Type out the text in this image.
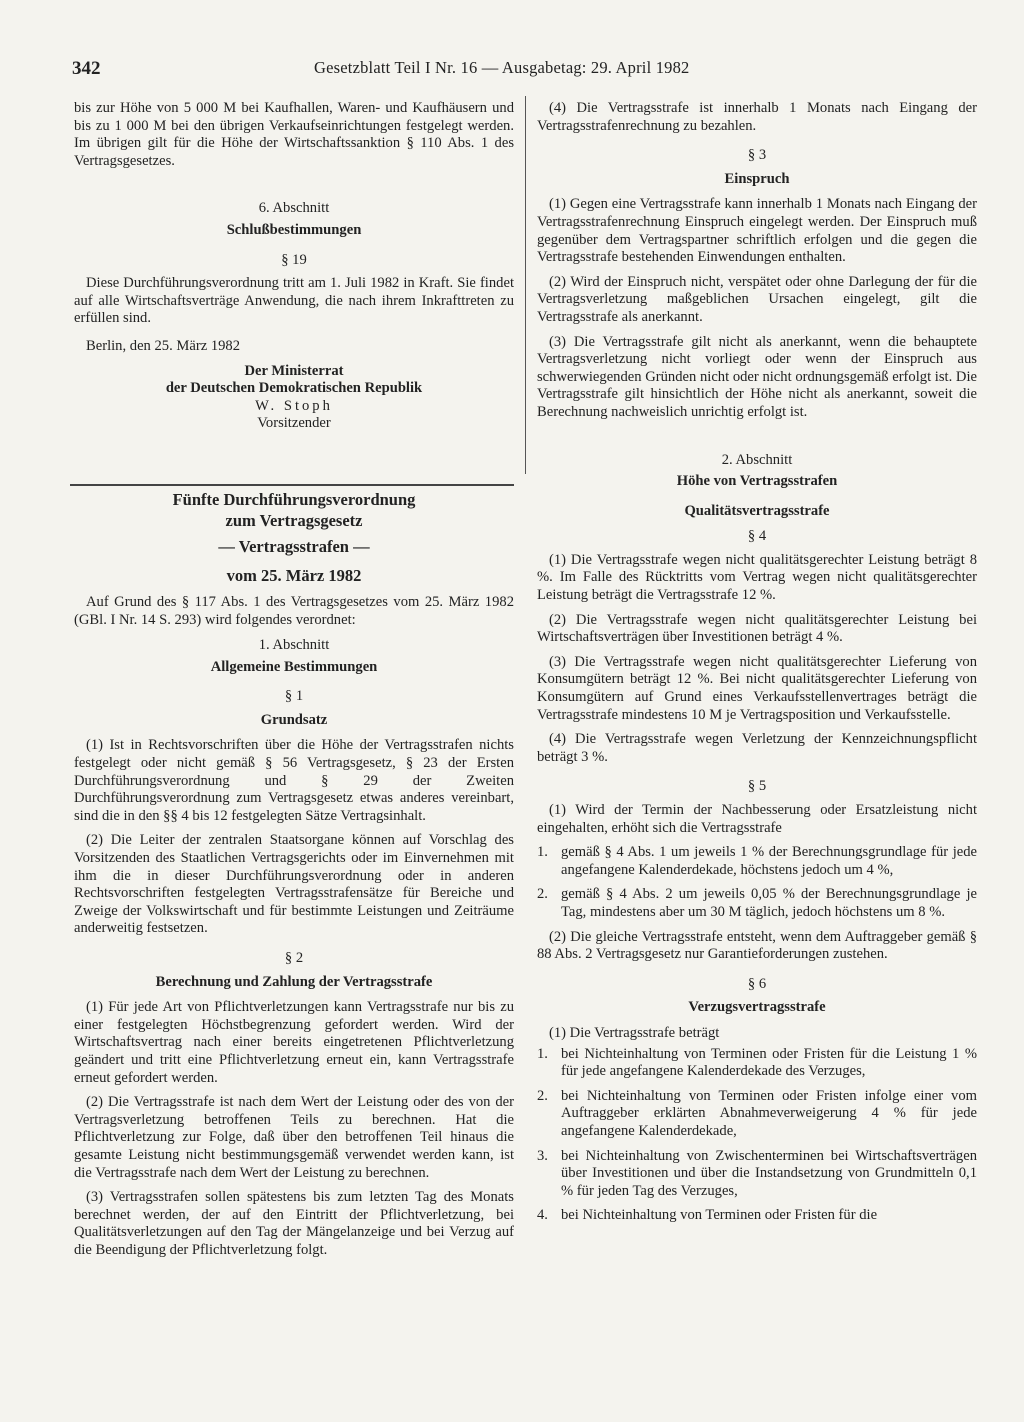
342	Gesetzblatt Teil I Nr. 16 — Ausgabetag: 29. April 1982

bis zur Höhe von 5 000 M bei Kaufhallen, Waren- und Kaufhäusern und bis zu 1 000 M bei den übrigen Verkaufseinrichtungen festgelegt werden. Im übrigen gilt für die Höhe der Wirtschaftssanktion § 110 Abs. 1 des Vertragsgesetzes.

6. Abschnitt

Schlußbestimmungen

§ 19

Diese Durchführungsverordnung tritt am 1. Juli 1982 in Kraft. Sie findet auf alle Wirtschaftsverträge Anwendung, die nach ihrem Inkrafttreten zu erfüllen sind.

Berlin, den 25. März 1982

Der Ministerrat

der Deutschen Demokratischen Republik

W. Stoph

Vorsitzender

Fünfte Durchführungsverordnung

zum Vertragsgesetz

— Vertragsstrafen —

vom 25. März 1982

Auf Grund des § 117 Abs. 1 des Vertragsgesetzes vom 25. März 1982 (GBl. I Nr. 14 S. 293) wird folgendes verordnet:

1. Abschnitt

Allgemeine Bestimmungen

§ 1

Grundsatz

(1) Ist in Rechtsvorschriften über die Höhe der Vertragsstrafen nichts festgelegt oder nicht gemäß § 56 Vertragsgesetz, § 23 der Ersten Durchführungsverordnung und § 29 der Zweiten Durchführungsverordnung zum Vertragsgesetz etwas anderes vereinbart, sind die in den §§ 4 bis 12 festgelegten Sätze Vertragsinhalt.

(2) Die Leiter der zentralen Staatsorgane können auf Vorschlag des Vorsitzenden des Staatlichen Vertragsgerichts oder im Einvernehmen mit ihm die in dieser Durchführungsverordnung oder in anderen Rechtsvorschriften festgelegten Vertragsstrafensätze für Bereiche und Zweige der Volkswirtschaft und für bestimmte Leistungen und Zeiträume anderweitig festsetzen.

§ 2

Berechnung und Zahlung der Vertragsstrafe

(1) Für jede Art von Pflichtverletzungen kann Vertragsstrafe nur bis zu einer festgelegten Höchstbegrenzung gefordert werden. Wird der Wirtschaftsvertrag nach einer bereits eingetretenen Pflichtverletzung geändert und tritt eine Pflichtverletzung erneut ein, kann Vertragsstrafe erneut gefordert werden.

(2) Die Vertragsstrafe ist nach dem Wert der Leistung oder des von der Vertragsverletzung betroffenen Teils zu berechnen. Hat die Pflichtverletzung zur Folge, daß über den betroffenen Teil hinaus die gesamte Leistung nicht bestimmungsgemäß verwendet werden kann, ist die Vertragsstrafe nach dem Wert der Leistung zu berechnen.

(3) Vertragsstrafen sollen spätestens bis zum letzten Tag des Monats berechnet werden, der auf den Eintritt der Pflichtverletzung, bei Qualitätsverletzungen auf den Tag der Mängelanzeige und bei Verzug auf die Beendigung der Pflichtverletzung folgt.

(4) Die Vertragsstrafe ist innerhalb 1 Monats nach Eingang der Vertragsstrafenrechnung zu bezahlen.

§ 3

Einspruch

(1) Gegen eine Vertragsstrafe kann innerhalb 1 Monats nach Eingang der Vertragsstrafenrechnung Einspruch eingelegt werden. Der Einspruch muß gegenüber dem Vertragspartner schriftlich erfolgen und die gegen die Vertragsstrafe bestehenden Einwendungen enthalten.

(2) Wird der Einspruch nicht, verspätet oder ohne Darlegung der für die Vertragsverletzung maßgeblichen Ursachen eingelegt, gilt die Vertragsstrafe als anerkannt.

(3) Die Vertragsstrafe gilt nicht als anerkannt, wenn die behauptete Vertragsverletzung nicht vorliegt oder wenn der Einspruch aus schwerwiegenden Gründen nicht oder nicht ordnungsgemäß erfolgt ist. Die Vertragsstrafe gilt hinsichtlich der Höhe nicht als anerkannt, soweit die Berechnung nachweislich unrichtig erfolgt ist.

2. Abschnitt

Höhe von Vertragsstrafen

Qualitätsvertragsstrafe

§ 4

(1) Die Vertragsstrafe wegen nicht qualitätsgerechter Leistung beträgt 8 %. Im Falle des Rücktritts vom Vertrag wegen nicht qualitätsgerechter Leistung beträgt die Vertragsstrafe 12 %.

(2) Die Vertragsstrafe wegen nicht qualitätsgerechter Leistung bei Wirtschaftsverträgen über Investitionen beträgt 4 %.

(3) Die Vertragsstrafe wegen nicht qualitätsgerechter Lieferung von Konsumgütern beträgt 12 %. Bei nicht qualitätsgerechter Lieferung von Konsumgütern auf Grund eines Verkaufsstellenvertrages beträgt die Vertragsstrafe mindestens 10 M je Vertragsposition und Verkaufsstelle.

(4) Die Vertragsstrafe wegen Verletzung der Kennzeichnungspflicht beträgt 3 %.

§ 5

(1) Wird der Termin der Nachbesserung oder Ersatzleistung nicht eingehalten, erhöht sich die Vertragsstrafe

1. gemäß § 4 Abs. 1 um jeweils 1 % der Berechnungsgrundlage für jede angefangene Kalenderdekade, höchstens jedoch um 4 %,
2. gemäß § 4 Abs. 2 um jeweils 0,05 % der Berechnungsgrundlage je Tag, mindestens aber um 30 M täglich, jedoch höchstens um 8 %.

(2) Die gleiche Vertragsstrafe entsteht, wenn dem Auftraggeber gemäß § 88 Abs. 2 Vertragsgesetz nur Garantieforderungen zustehen.

§ 6

Verzugsvertragsstrafe

(1) Die Vertragsstrafe beträgt

1. bei Nichteinhaltung von Terminen oder Fristen für die Leistung 1 % für jede angefangene Kalenderdekade des Verzuges,
2. bei Nichteinhaltung von Terminen oder Fristen infolge einer vom Auftraggeber erklärten Abnahmeverweigerung 4 % für jede angefangene Kalenderdekade,
3. bei Nichteinhaltung von Zwischenterminen bei Wirtschaftsverträgen über Investitionen und über die Instandsetzung von Grundmitteln 0,1 % für jeden Tag des Verzuges,
4. bei Nichteinhaltung von Terminen oder Fristen für die
